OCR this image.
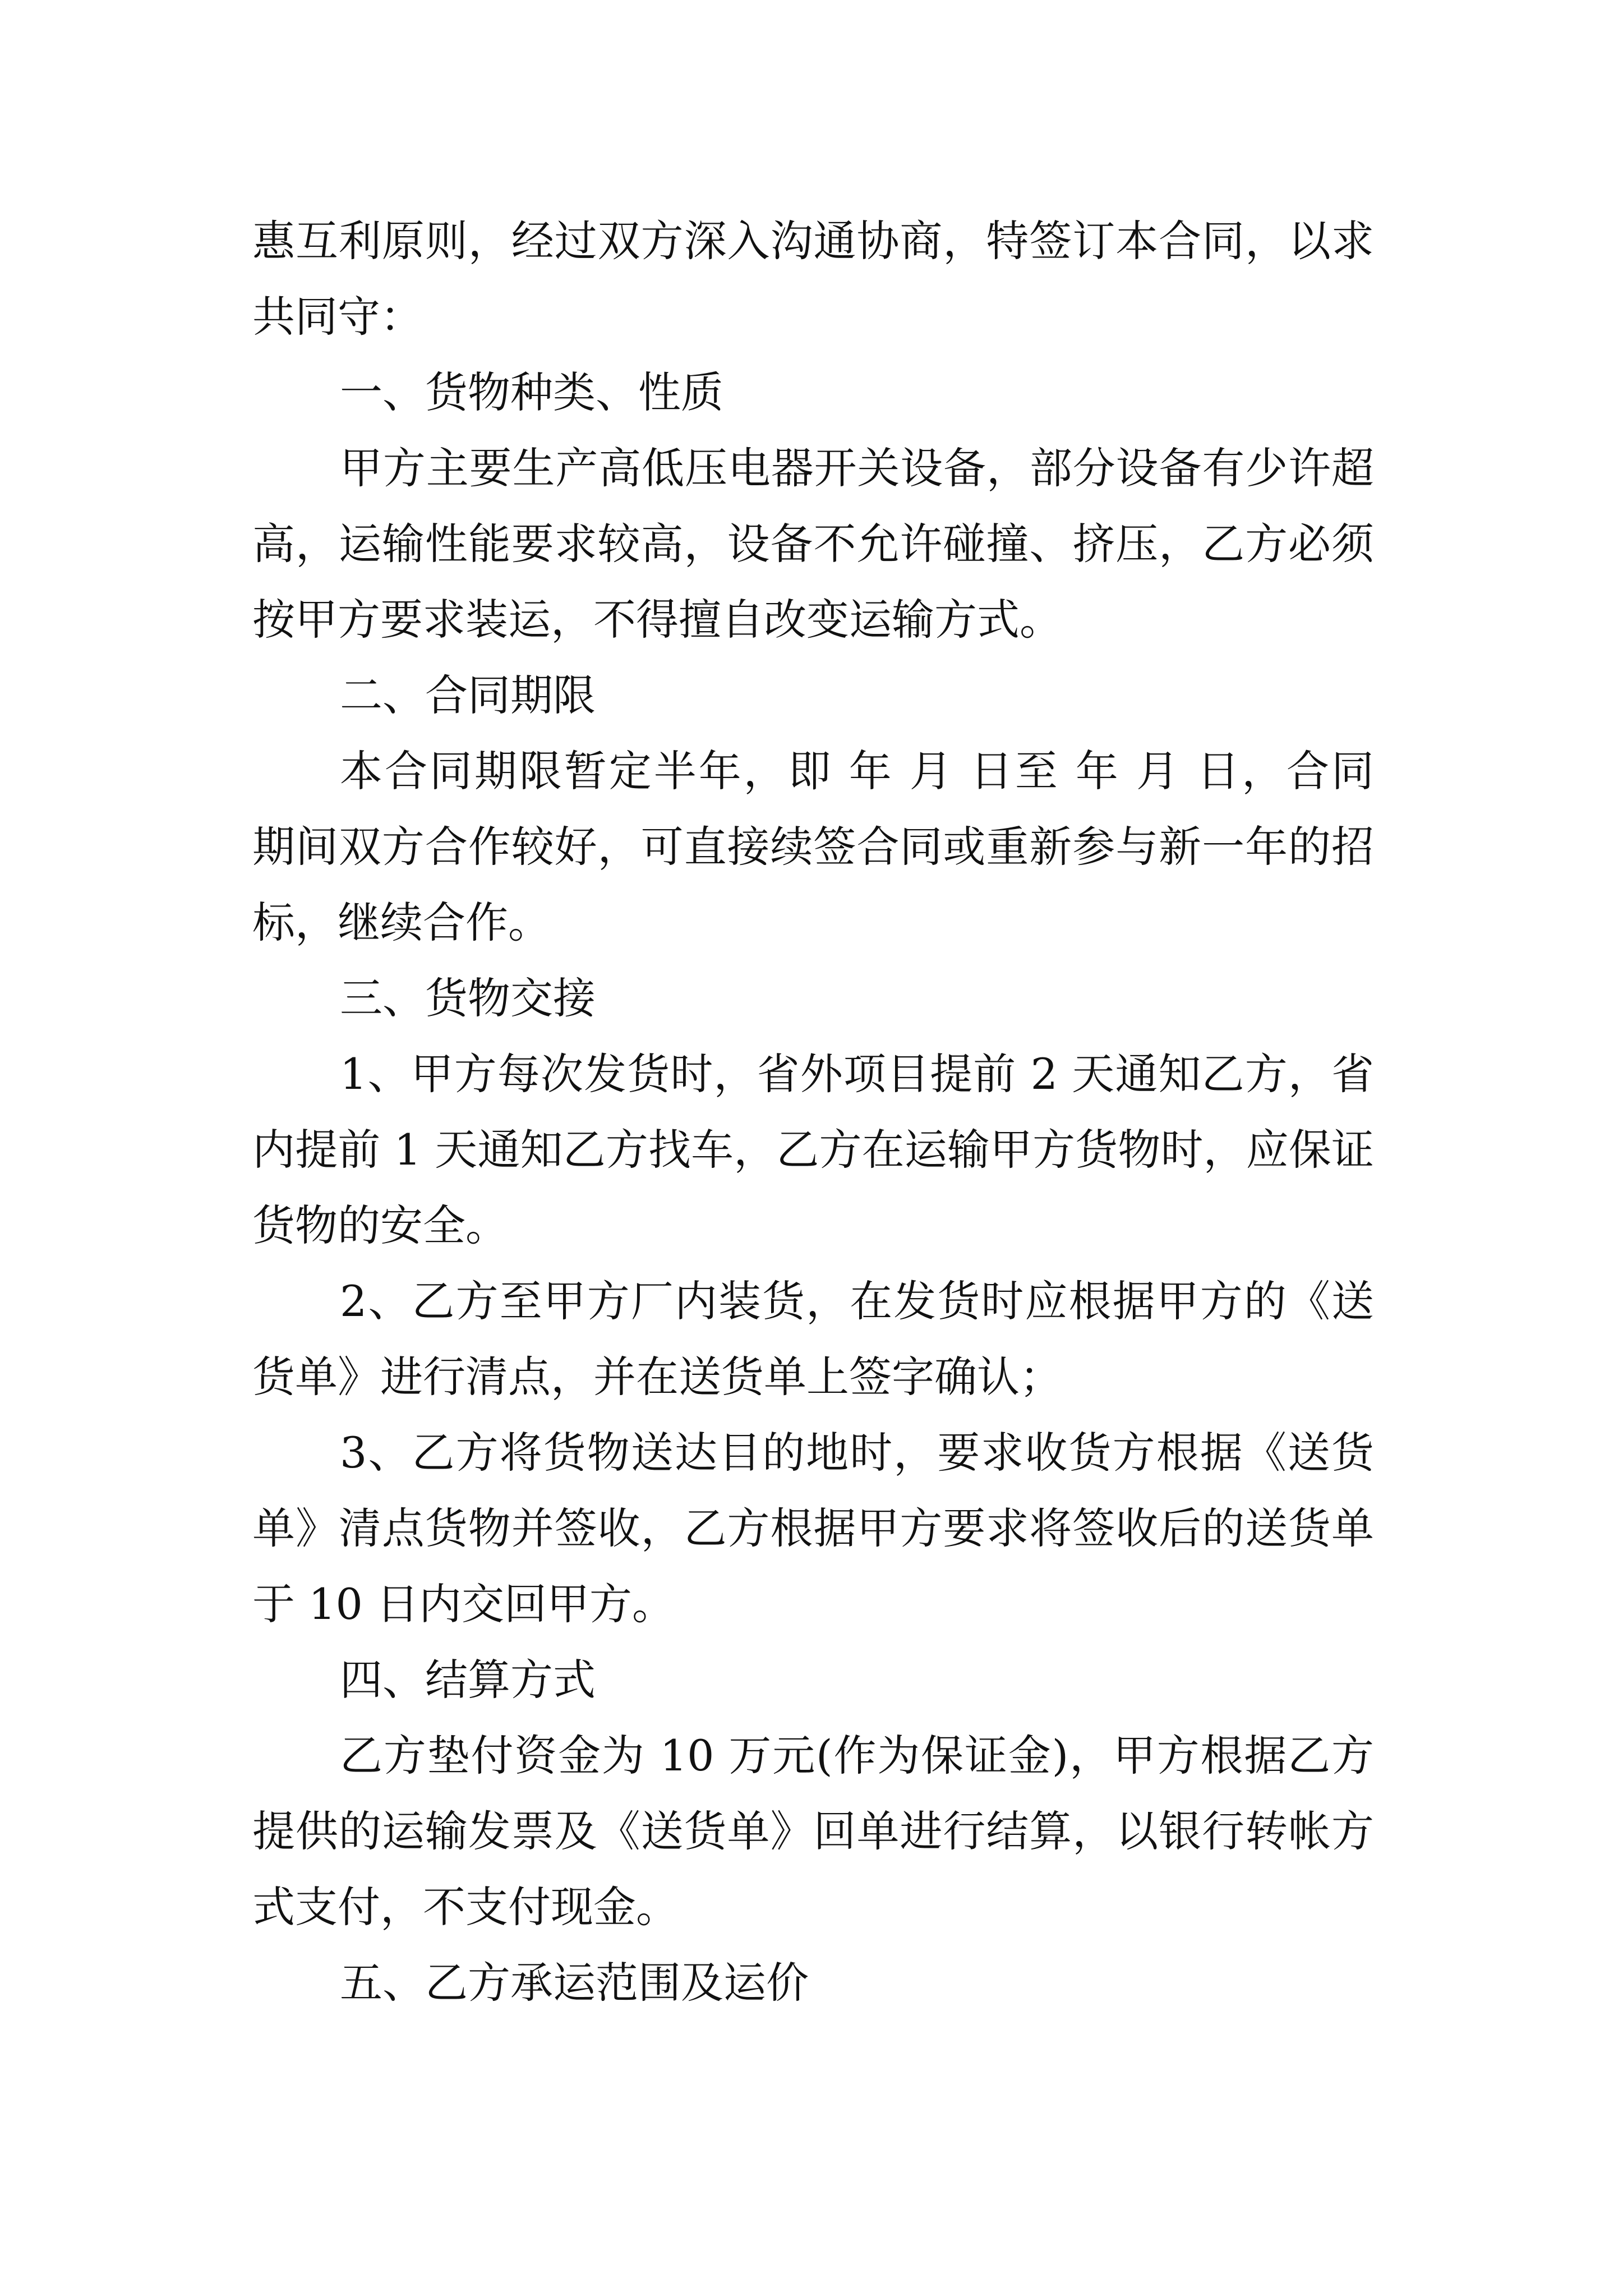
惠互利原则，经过双方深入沟通协商，特签订本合同，以求
共同守：
一、货物种类、性质
甲方主要生产高低压电器开关设备，部分设备有少许超
高，运输性能要求较高，设备不允许碰撞、挤压，乙方必须
按甲方要求装运，不得擅自改变运输方式。
二、合同期限
本合同期限暂定半年，即 年 月 日至 年 月 日，合同
期间双方合作较好，可直接续签合同或重新参与新一年的招
标，继续合作。
三、货物交接
1、甲方每次发货时，省外项目提前 2 天通知乙方，省
内提前 1 天通知乙方找车，乙方在运输甲方货物时，应保证
货物的安全。
2、乙方至甲方厂内装货，在发货时应根据甲方的《送
货单》进行清点，并在送货单上签字确认；
3、乙方将货物送达目的地时，要求收货方根据《送货
单》清点货物并签收，乙方根据甲方要求将签收后的送货单
于 10 日内交回甲方。
四、结算方式
乙方垫付资金为 10 万元(作为保证金)，甲方根据乙方
提供的运输发票及《送货单》回单进行结算，以银行转帐方
式支付，不支付现金。
五、乙方承运范围及运价
